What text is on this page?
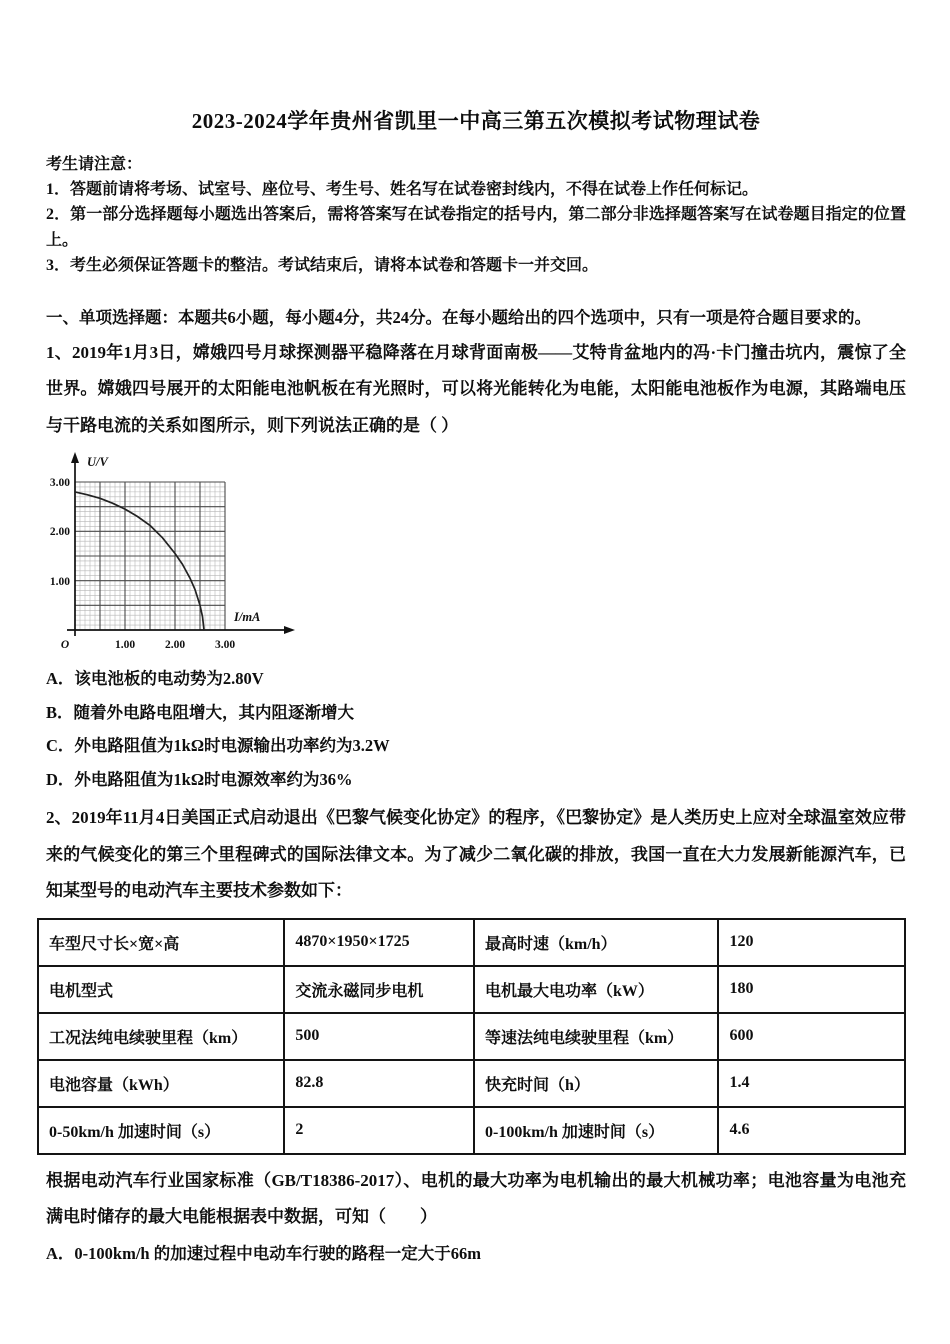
2023-2024学年贵州省凯里一中高三第五次模拟考试物理试卷
考生请注意：

1．答题前请将考场、试室号、座位号、考生号、姓名写在试卷密封线内，不得在试卷上作任何标记。

2．第一部分选择题每小题选出答案后，需将答案写在试卷指定的括号内，第二部分非选择题答案写在试卷题目指定的位置上。

3．考生必须保证答题卡的整洁。考试结束后，请将本试卷和答题卡一并交回。

一、单项选择题：本题共6小题，每小题4分，共24分。在每小题给出的四个选项中，只有一项是符合题目要求的。

1、2019年1月3日，嫦娥四号月球探测器平稳降落在月球背面南极——艾特肯盆地内的冯·卡门撞击坑内，震惊了全世界。嫦娥四号展开的太阳能电池帆板在有光照时，可以将光能转化为电能，太阳能电池板作为电源，其路端电压与干路电流的关系如图所示，则下列说法正确的是（ ）

U/V
I/mA
3.00
2.00
1.00
1.00	2.00	3.00
O
A．该电池板的电动势为2.80V
B．随着外电路电阻增大，其内阻逐渐增大
C．外电路阻值为1kΩ时电源输出功率约为3.2W
D．外电路阻值为1kΩ时电源效率约为36%

2、2019年11月4日美国正式启动退出《巴黎气候变化协定》的程序，《巴黎协定》是人类历史上应对全球温室效应带来的气候变化的第三个里程碑式的国际法律文本。为了减少二氧化碳的排放，我国一直在大力发展新能源汽车，已知某型号的电动汽车主要技术参数如下：

车型尺寸长×宽×高	4870×1950×1725	最高时速（km/h）	120
电机型式	交流永磁同步电机	电机最大电功率（kW）	180
工况法纯电续驶里程（km）	500	等速法纯电续驶里程（km）	600
电池容量（kWh）	82.8	快充时间（h）	1.4
0-50km/h 加速时间（s）	2	0-100km/h 加速时间（s）	4.6

根据电动汽车行业国家标准（GB/T18386-2017）、电机的最大功率为电机输出的最大机械功率；电池容量为电池充满电时储存的最大电能根据表中数据，可知（　　）

A．0-100km/h 的加速过程中电动车行驶的路程一定大于66m
